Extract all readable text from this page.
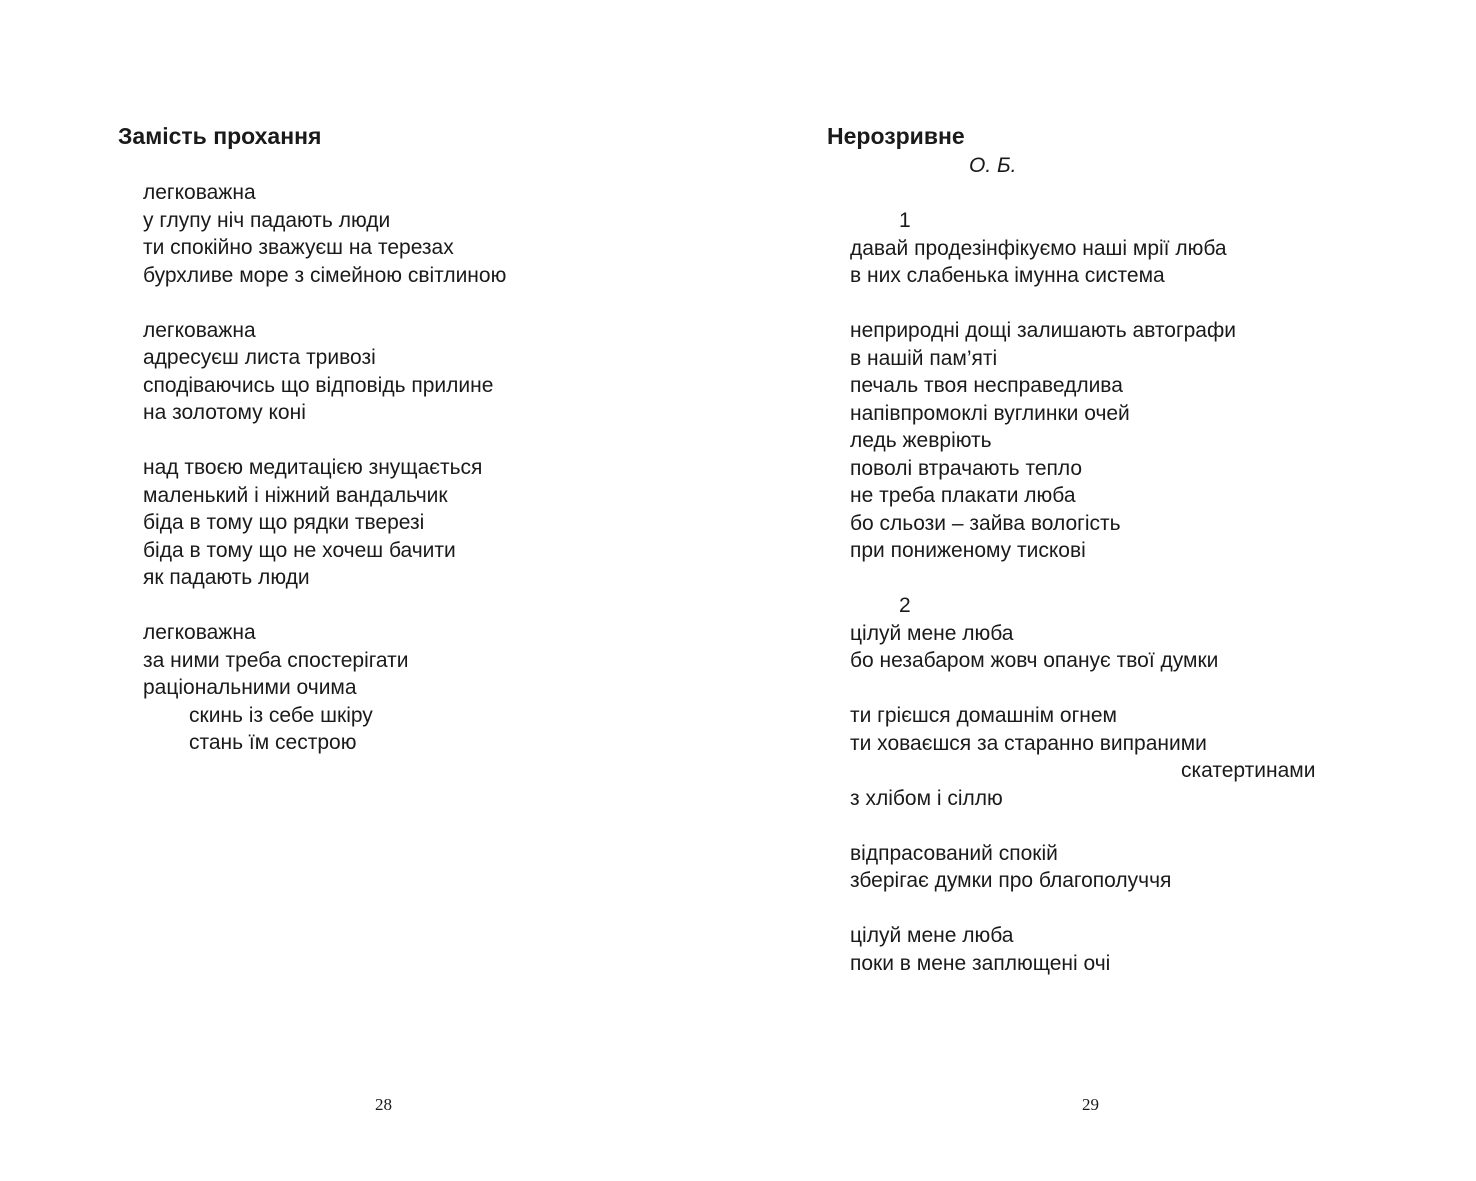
Замість прохання
легковажна
у глупу ніч падають люди
ти спокійно зважуєш на терезах
бурхливе море з сімейною світлиною
легковажна
адресуєш листа тривозі
сподіваючись що відповідь прилине
на золотому коні
над твоєю медитацією знущається
маленький і ніжний вандальчик
біда в тому що рядки тверезі
біда в тому що не хочеш бачити
як падають люди
легковажна
за ними треба спостерігати
раціональними очима
скинь із себе шкіру
стань їм сестрою
28
Нерозривне
О. Б.
1
давай продезінфікуємо наші мрії люба
в них слабенька імунна система
неприродні дощі залишають автографи
в нашій пам’яті
печаль твоя несправедлива
напівпромоклі вуглинки очей
ледь жевріють
поволі втрачають тепло
не треба плакати люба
бо сльози – зайва вологість
при пониженому тискові
2
цілуй мене люба
бо незабаром жовч опанує твої думки
ти грієшся домашнім огнем
ти ховаєшся за старанно випраними
скатертинами
з хлібом і сіллю
відпрасований спокій
зберігає думки про благополуччя
цілуй мене люба
поки в мене заплющені очі
29
